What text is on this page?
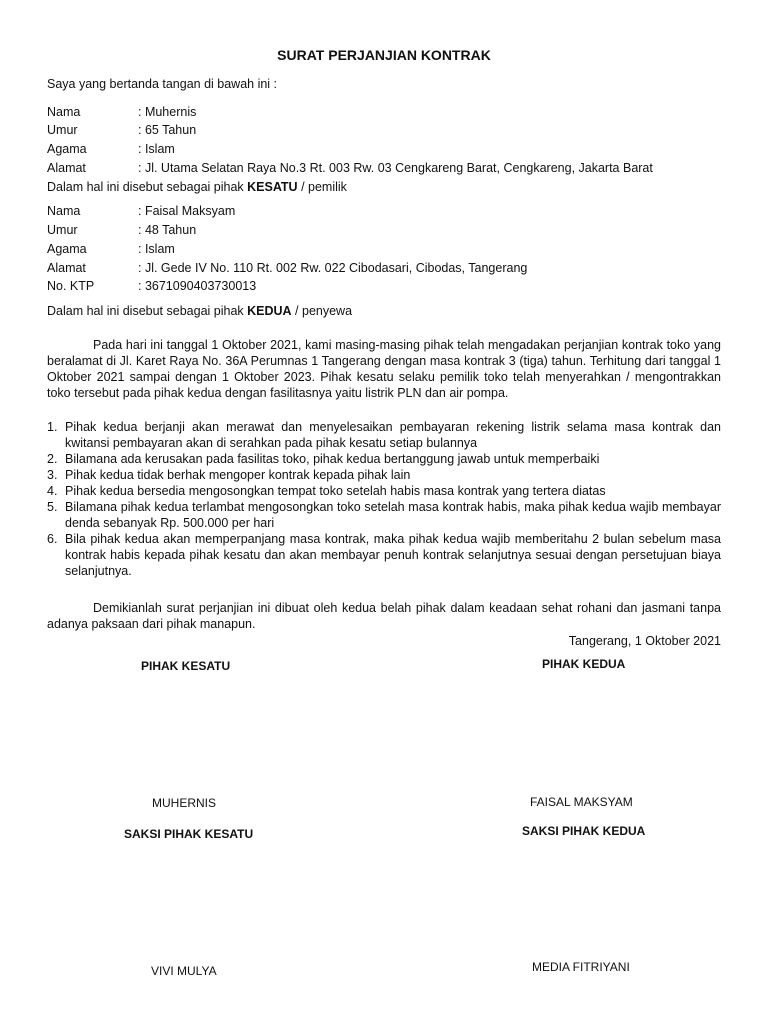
SURAT PERJANJIAN KONTRAK
Saya yang bertanda tangan di bawah ini :
Nama	: Muhernis
Umur	: 65 Tahun
Agama	: Islam
Alamat	: Jl. Utama Selatan Raya No.3 Rt. 003 Rw. 03 Cengkareng Barat, Cengkareng, Jakarta Barat
Dalam hal ini disebut sebagai pihak KESATU / pemilik
Nama	: Faisal Maksyam
Umur	: 48 Tahun
Agama	: Islam
Alamat	: Jl. Gede IV No. 110 Rt. 002 Rw. 022 Cibodasari, Cibodas, Tangerang
No. KTP	: 3671090403730013
Dalam hal ini disebut sebagai pihak KEDUA / penyewa

Pada hari ini tanggal 1 Oktober 2021, kami masing-masing pihak telah mengadakan perjanjian kontrak toko yang beralamat di Jl. Karet Raya No. 36A Perumnas 1 Tangerang dengan masa kontrak 3 (tiga) tahun. Terhitung dari tanggal 1 Oktober 2021 sampai dengan 1 Oktober 2023. Pihak kesatu selaku pemilik toko telah menyerahkan / mengontrakkan toko tersebut pada pihak kedua dengan fasilitasnya yaitu listrik PLN dan air pompa.

1. Pihak kedua berjanji akan merawat dan menyelesaikan pembayaran rekening listrik selama masa kontrak dan kwitansi pembayaran akan di serahkan pada pihak kesatu setiap bulannya
2. Bilamana ada kerusakan pada fasilitas toko, pihak kedua bertanggung jawab untuk memperbaiki
3. Pihak kedua tidak berhak mengoper kontrak kepada pihak lain
4. Pihak kedua bersedia mengosongkan tempat toko setelah habis masa kontrak yang tertera diatas
5. Bilamana pihak kedua terlambat mengosongkan toko setelah masa kontrak habis, maka pihak kedua wajib membayar denda sebanyak Rp. 500.000 per hari
6. Bila pihak kedua akan memperpanjang masa kontrak, maka pihak kedua wajib memberitahu 2 bulan sebelum masa kontrak habis kepada pihak kesatu dan akan membayar penuh kontrak selanjutnya sesuai dengan persetujuan biaya selanjutnya.

Demikianlah surat perjanjian ini dibuat oleh kedua belah pihak dalam keadaan sehat rohani dan jasmani tanpa adanya paksaan dari pihak manapun.

Tangerang, 1 Oktober 2021
PIHAK KESATU	PIHAK KEDUA
MUHERNIS	FAISAL MAKSYAM
SAKSI PIHAK KESATU	SAKSI PIHAK KEDUA
VIVI MULYA	MEDIA FITRIYANI
